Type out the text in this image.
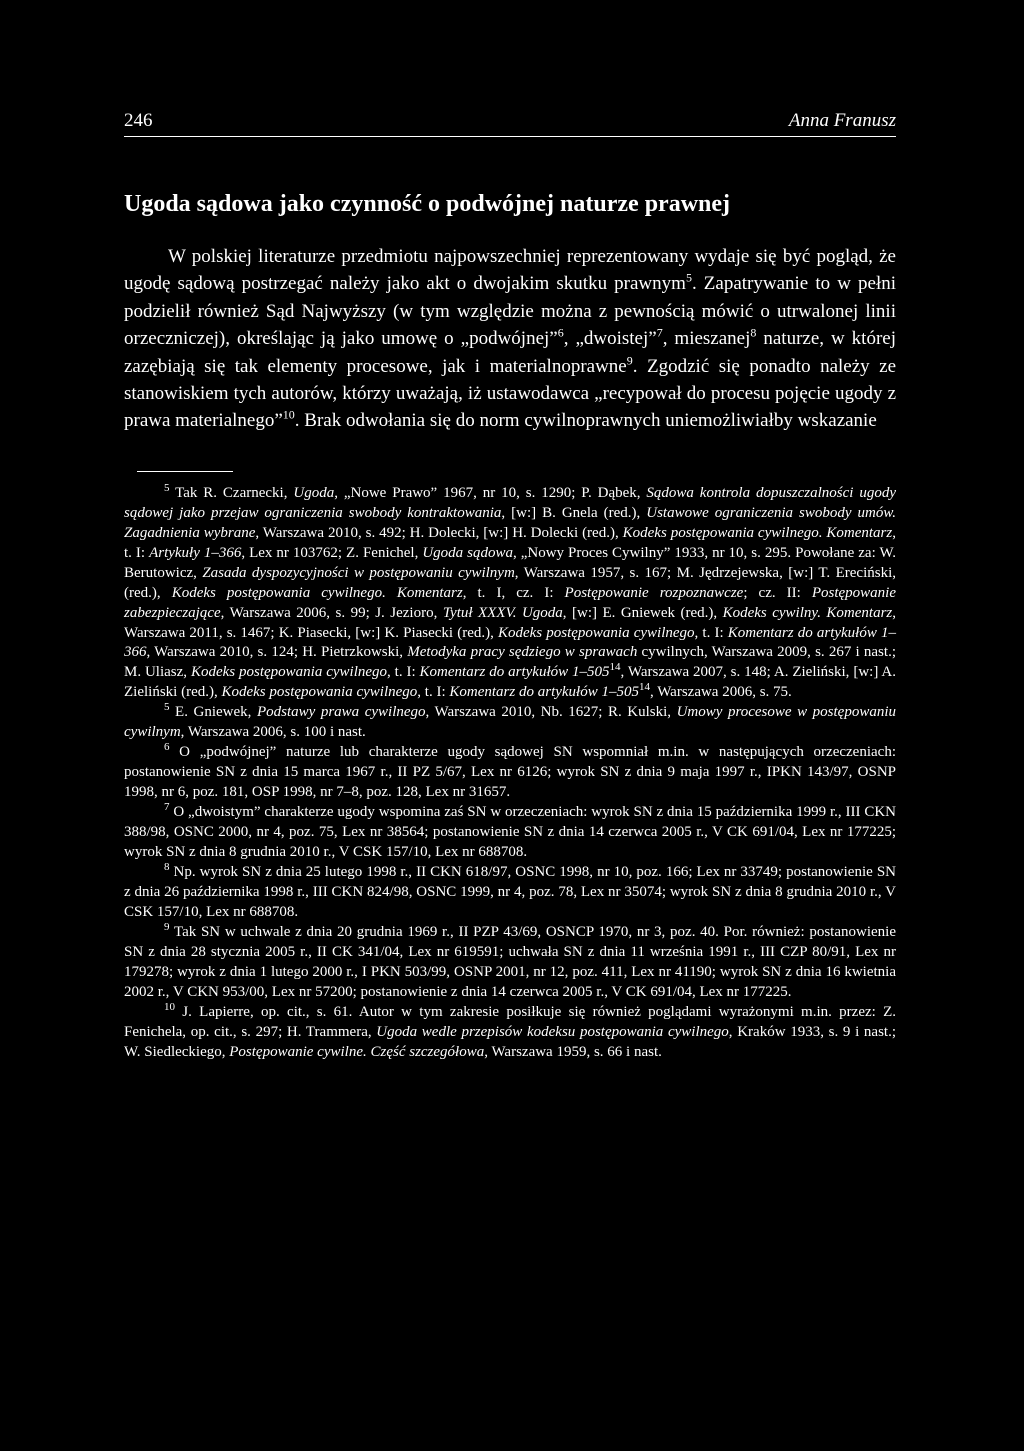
246	Anna Franusz
Ugoda sądowa jako czynność o podwójnej naturze prawnej

W polskiej literaturze przedmiotu najpowszechniej reprezentowany wydaje się być pogląd, że ugodę sądową postrzegać należy jako akt o dwojakim skutku prawnym$^5$. Zapatrywanie to w pełni podzielił również Sąd Najwyższy (w tym względzie można z pewnością mówić o utrwalonej linii orzeczniczej), określając ją jako umowę o „podwójnej”$^6$, „dwoistej”$^7$, mieszanej$^8$ naturze, w której zazębiają się tak elementy procesowe, jak i materialnoprawne$^9$. Zgodzić się ponadto należy ze stanowiskiem tych autorów, którzy uważają, iż ustawodawca „recypował do procesu pojęcie ugody z prawa materialnego”$^{10}$. Brak odwołania się do norm cywilnoprawnych uniemożliwiałby wskazanie

$^5$ Tak R. Czarnecki, Ugoda, „Nowe Prawo” 1967, nr 10, s. 1290; P. Dąbek, Sądowa kontrola dopuszczalności ugody sądowej jako przejaw ograniczenia swobody kontraktowania, [w:] B. Gnela (red.), Ustawowe ograniczenia swobody umów. Zagadnienia wybrane, Warszawa 2010, s. 492; H. Dolecki, [w:] H. Dolecki (red.), Kodeks postępowania cywilnego. Komentarz, t. I: Artykuły 1–366, Lex nr 103762; Z. Fenichel, Ugoda sądowa, „Nowy Proces Cywilny” 1933, nr 10, s. 295. Powołane za: W. Berutowicz, Zasada dyspozycyjności w postępowaniu cywilnym, Warszawa 1957, s. 167; M. Jędrzejewska, [w:] T. Ereciński, (red.), Kodeks postępowania cywilnego. Komentarz, t. I, cz. I: Postępowanie rozpoznawcze; cz. II: Postępowanie zabezpieczające, Warszawa 2006, s. 99; J. Jezioro, Tytuł XXXV. Ugoda, [w:] E. Gniewek (red.), Kodeks cywilny. Komentarz, Warszawa 2011, s. 1467; K. Piasecki, [w:] K. Piasecki (red.), Kodeks postępowania cywilnego, t. I: Komentarz do artykułów 1–366, Warszawa 2010, s. 124; H. Pietrzkowski, Metodyka pracy sędziego w sprawach cywilnych, Warszawa 2009, s. 267 i nast.; M. Uliasz, Kodeks postępowania cywilnego, t. I: Komentarz do artykułów $1-505^{14}$, Warszawa 2007, s. 148; A. Zieliński, [w:] A. Zieliński (red.), Kodeks postępowania cywilnego, t. I: Komentarz do artykułów $1-505^{14}$, Warszawa 2006, s. 75.
$^5$ E. Gniewek, Podstawy prawa cywilnego, Warszawa 2010, Nb. 1627; R. Kulski, Umowy procesowe w postępowaniu cywilnym, Warszawa 2006, s. 100 i nast.
$^6$ O „podwójnej” naturze lub charakterze ugody sądowej SN wspomniał m.in. w następujących orzeczeniach: postanowienie SN z dnia 15 marca 1967 r., II PZ 5/67, Lex nr 6126; wyrok SN z dnia 9 maja 1997 r., IPKN 143/97, OSNP 1998, nr 6, poz. 181, OSP 1998, nr 7–8, poz. 128, Lex nr 31657.
$^7$ O „dwoistym” charakterze ugody wspomina zaś SN w orzeczeniach: wyrok SN z dnia 15 października 1999 r., III CKN 388/98, OSNC 2000, nr 4, poz. 75, Lex nr 38564; postanowienie SN z dnia 14 czerwca 2005 r., V CK 691/04, Lex nr 177225; wyrok SN z dnia 8 grudnia 2010 r., V CSK 157/10, Lex nr 688708.
$^8$ Np. wyrok SN z dnia 25 lutego 1998 r., II CKN 618/97, OSNC 1998, nr 10, poz. 166; Lex nr 33749; postanowienie SN z dnia 26 października 1998 r., III CKN 824/98, OSNC 1999, nr 4, poz. 78, Lex nr 35074; wyrok SN z dnia 8 grudnia 2010 r., V CSK 157/10, Lex nr 688708.
$^9$ Tak SN w uchwale z dnia 20 grudnia 1969 r., II PZP 43/69, OSNCP 1970, nr 3, poz. 40. Por. również: postanowienie SN z dnia 28 stycznia 2005 r., II CK 341/04, Lex nr 619591; uchwała SN z dnia 11 września 1991 r., III CZP 80/91, Lex nr 179278; wyrok z dnia 1 lutego 2000 r., I PKN 503/99, OSNP 2001, nr 12, poz. 411, Lex nr 41190; wyrok SN z dnia 16 kwietnia 2002 r., V CKN 953/00, Lex nr 57200; postanowienie z dnia 14 czerwca 2005 r., V CK 691/04, Lex nr 177225.
$^{10}$ J. Lapierre, op. cit., s. 61. Autor w tym zakresie posiłkuje się również poglądami wyrażonymi m.in. przez: Z. Fenichela, op. cit., s. 297; H. Trammera, Ugoda wedle przepisów kodeksu postępowania cywilnego, Kraków 1933, s. 9 i nast.; W. Siedleckiego, Postępowanie cywilne. Część szczegółowa, Warszawa 1959, s. 66 i nast.
